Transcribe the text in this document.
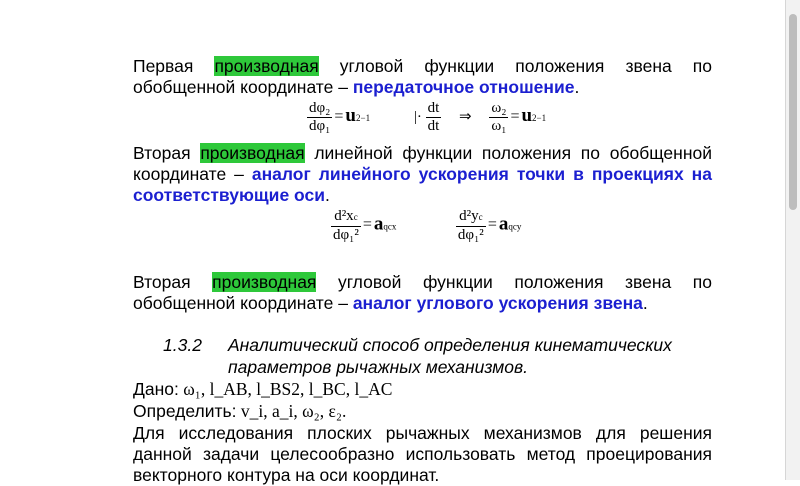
Первая производная угловой функции положения звена по обобщенной координате – передаточное отношение.
$\frac{\text{dφ₂}}{\text{dφ₁}} = u2-1$	|· $\frac{dt}{dt}$ ⇒ $\frac{\text{ω₂}}{\text{ω₁}} = u2-1$
Вторая производная линейной функции положения по обобщенной координате – аналог линейного ускорения точки в проекциях на соответствующие оси.
$\frac{\text{d²xc}}{\text{dφ₁²}}$ = aqcx	$\frac{\text{d²yc}}{\text{dφ₁²}}$ = aqcy
Вторая производная угловой функции положения звена по обобщенной координате – аналог углового ускорения звена.
1.3.2 Аналитический способ определения кинематических параметров рычажных механизмов.
Дано: ω₁, l_AB, l_BS2, l_BC, l_AC
Определить: v_i, a_i, ω₂, ε₂.
Для исследования плоских рычажных механизмов для решения данной задачи целесообразно использовать метод проецирования векторного контура на оси координат.
